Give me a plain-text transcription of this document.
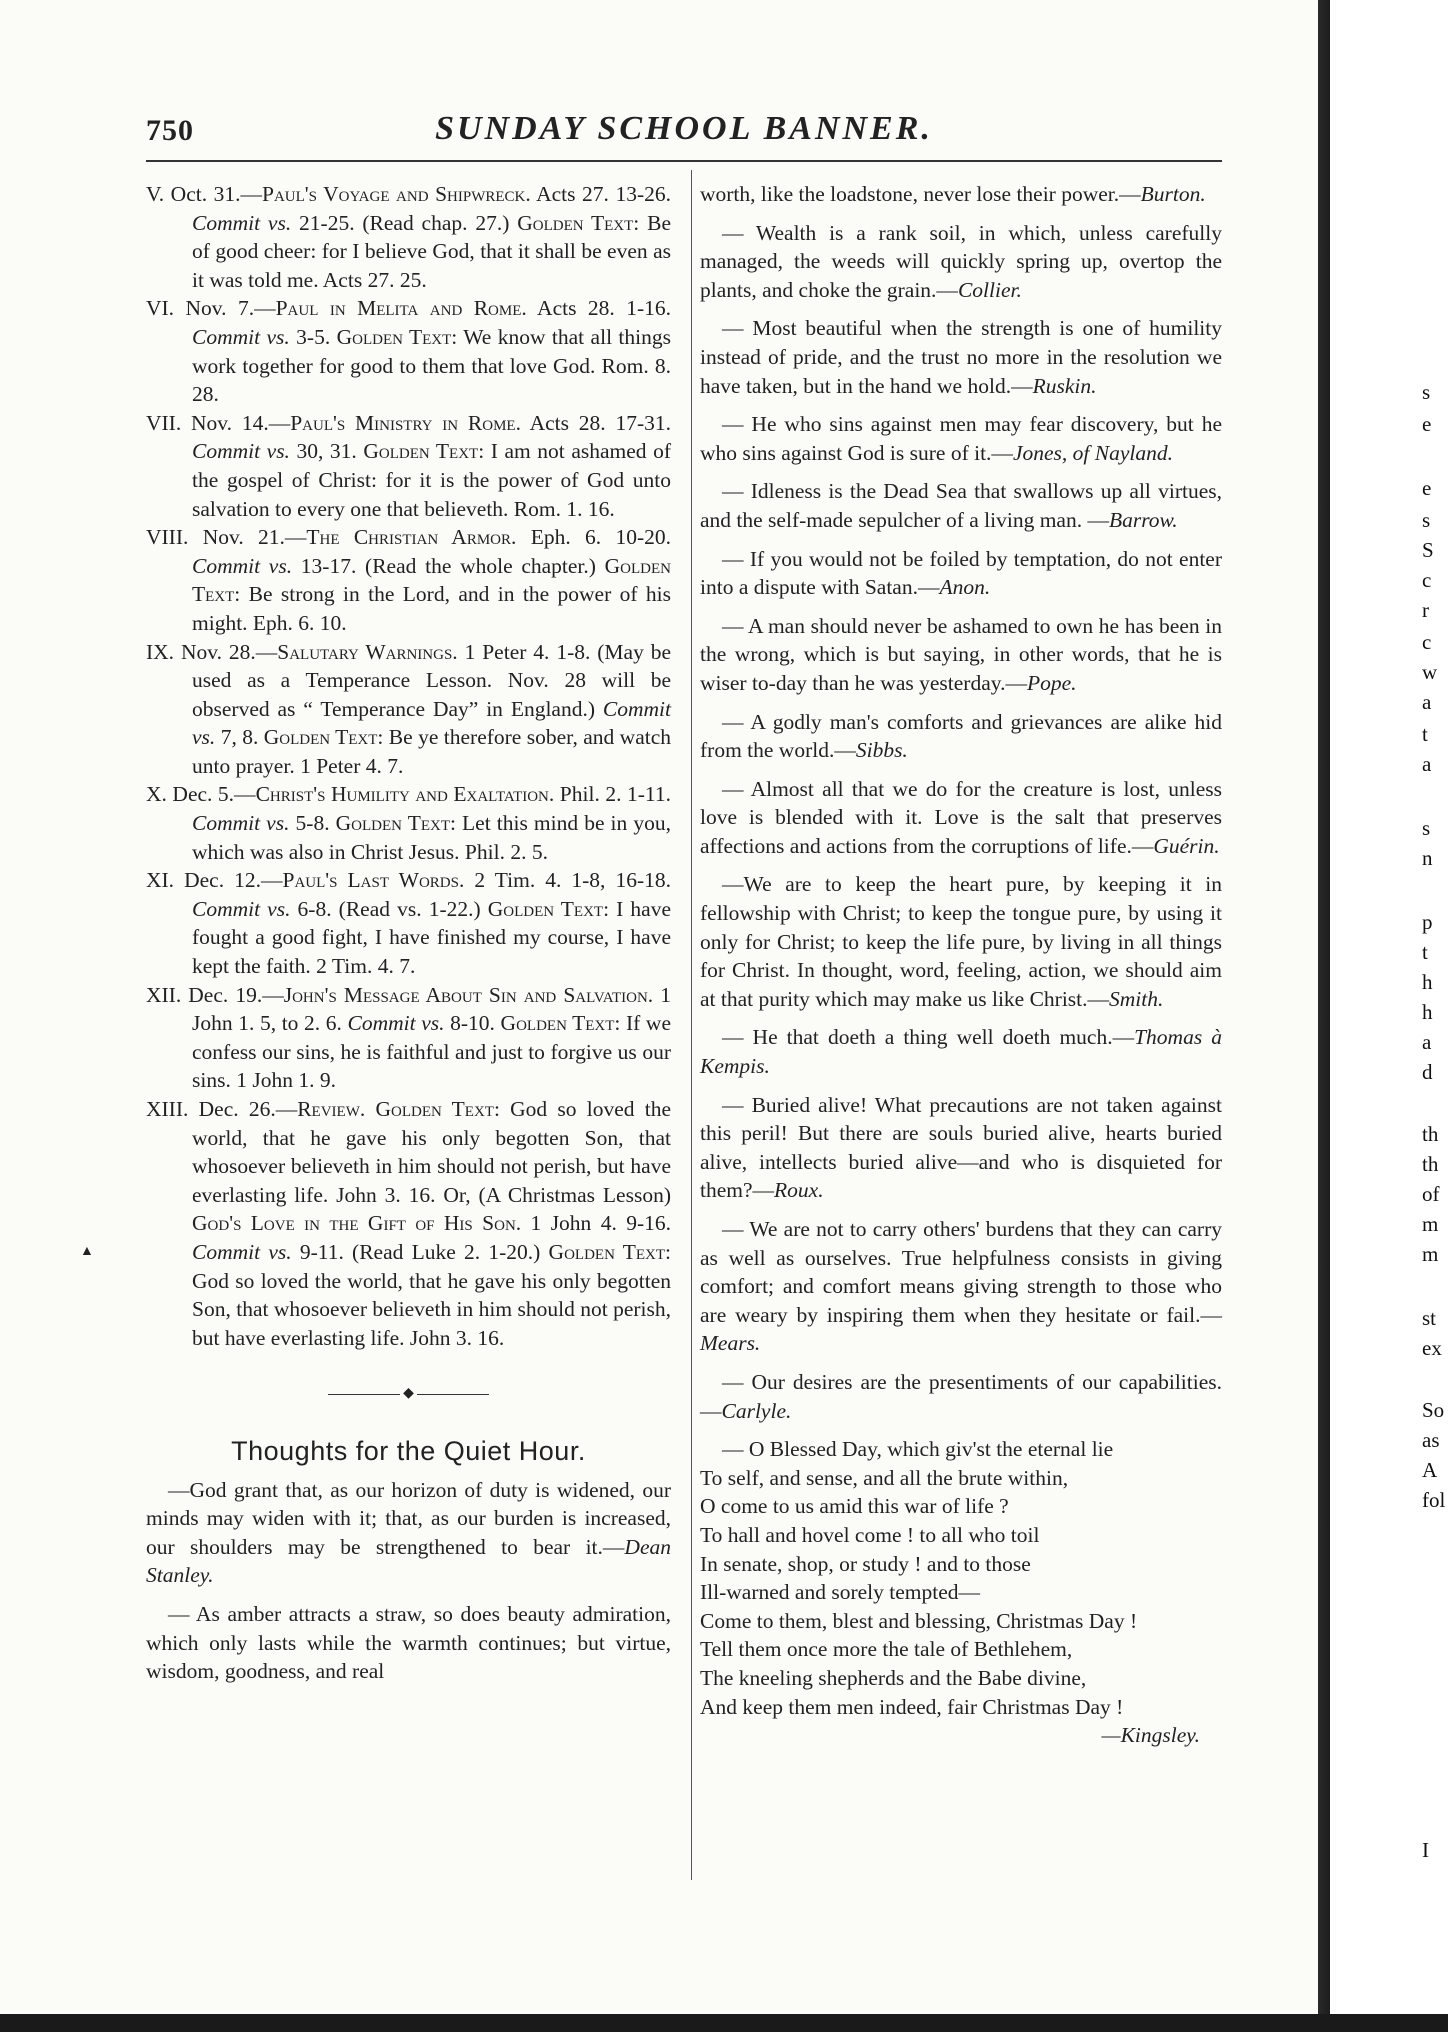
750	SUNDAY SCHOOL BANNER.
▲

V. Oct. 31.—Paul's Voyage and Shipwreck. Acts 27. 13-26. Commit vs. 21-25. (Read chap. 27.) Golden Text: Be of good cheer: for I believe God, that it shall be even as it was told me. Acts 27. 25.

VI. Nov. 7.—Paul in Melita and Rome. Acts 28. 1-16. Commit vs. 3-5. Golden Text: We know that all things work together for good to them that love God. Rom. 8. 28.

VII. Nov. 14.—Paul's Ministry in Rome. Acts 28. 17-31. Commit vs. 30, 31. Golden Text: I am not ashamed of the gospel of Christ: for it is the power of God unto salvation to every one that believeth. Rom. 1. 16.

VIII. Nov. 21.—The Christian Armor. Eph. 6. 10-20. Commit vs. 13-17. (Read the whole chapter.) Golden Text: Be strong in the Lord, and in the power of his might. Eph. 6. 10.

IX. Nov. 28.—Salutary Warnings. 1 Peter 4. 1-8. (May be used as a Temperance Lesson. Nov. 28 will be observed as “ Temperance Day” in England.) Commit vs. 7, 8. Golden Text: Be ye therefore sober, and watch unto prayer. 1 Peter 4. 7.

X. Dec. 5.—Christ's Humility and Exaltation. Phil. 2. 1-11. Commit vs. 5-8. Golden Text: Let this mind be in you, which was also in Christ Jesus. Phil. 2. 5.

XI. Dec. 12.—Paul's Last Words. 2 Tim. 4. 1-8, 16-18. Commit vs. 6-8. (Read vs. 1-22.) Golden Text: I have fought a good fight, I have finished my course, I have kept the faith. 2 Tim. 4. 7.

XII. Dec. 19.—John's Message About Sin and Salvation. 1 John 1. 5, to 2. 6. Commit vs. 8-10. Golden Text: If we confess our sins, he is faithful and just to forgive us our sins. 1 John 1. 9.

XIII. Dec. 26.—Review. Golden Text: God so loved the world, that he gave his only begotten Son, that whosoever believeth in him should not perish, but have everlasting life. John 3. 16. Or, (A Christmas Lesson) God's Love in the Gift of His Son. 1 John 4. 9-16. Commit vs. 9-11. (Read Luke 2. 1-20.) Golden Text: God so loved the world, that he gave his only begotten Son, that whosoever believeth in him should not perish, but have everlasting life. John 3. 16.

◆
Thoughts for the Quiet Hour.

—God grant that, as our horizon of duty is widened, our minds may widen with it; that, as our burden is increased, our shoulders may be strengthened to bear it.—Dean Stanley.

— As amber attracts a straw, so does beauty admiration, which only lasts while the warmth continues; but virtue, wisdom, goodness, and real

worth, like the loadstone, never lose their power.—Burton.

— Wealth is a rank soil, in which, unless carefully managed, the weeds will quickly spring up, overtop the plants, and choke the grain.—Collier.

— Most beautiful when the strength is one of humility instead of pride, and the trust no more in the resolution we have taken, but in the hand we hold.—Ruskin.

— He who sins against men may fear discovery, but he who sins against God is sure of it.—Jones, of Nayland.

— Idleness is the Dead Sea that swallows up all virtues, and the self-made sepulcher of a living man. —Barrow.

— If you would not be foiled by temptation, do not enter into a dispute with Satan.—Anon.

— A man should never be ashamed to own he has been in the wrong, which is but saying, in other words, that he is wiser to-day than he was yesterday.—Pope.

— A godly man's comforts and grievances are alike hid from the world.—Sibbs.

— Almost all that we do for the creature is lost, unless love is blended with it. Love is the salt that preserves affections and actions from the corruptions of life.—Guérin.

—We are to keep the heart pure, by keeping it in fellowship with Christ; to keep the tongue pure, by using it only for Christ; to keep the life pure, by living in all things for Christ. In thought, word, feeling, action, we should aim at that purity which may make us like Christ.—Smith.

— He that doeth a thing well doeth much.—Thomas à Kempis.

— Buried alive! What precautions are not taken against this peril! But there are souls buried alive, hearts buried alive, intellects buried alive—and who is disquieted for them?—Roux.

— We are not to carry others' burdens that they can carry as well as ourselves. True helpfulness consists in giving comfort; and comfort means giving strength to those who are weary by inspiring them when they hesitate or fail.—Mears.

— Our desires are the presentiments of our capabilities.—Carlyle.

— O Blessed Day, which giv'st the eternal lie
To self, and sense, and all the brute within,
O come to us amid this war of life ?
To hall and hovel come ! to all who toil
In senate, shop, or study ! and to those
Ill-warned and sorely tempted—
Come to them, blest and blessing, Christmas Day !
Tell them once more the tale of Bethlehem,
The kneeling shepherds and the Babe divine,
And keep them men indeed, fair Christmas Day !
—Kingsley.
s
e
e
s
S
c
r
c
w
a
t
a
s
n
p
t
h
h
a
d
th
th
of
m
m
st
ex
So
as
A
fol
I
